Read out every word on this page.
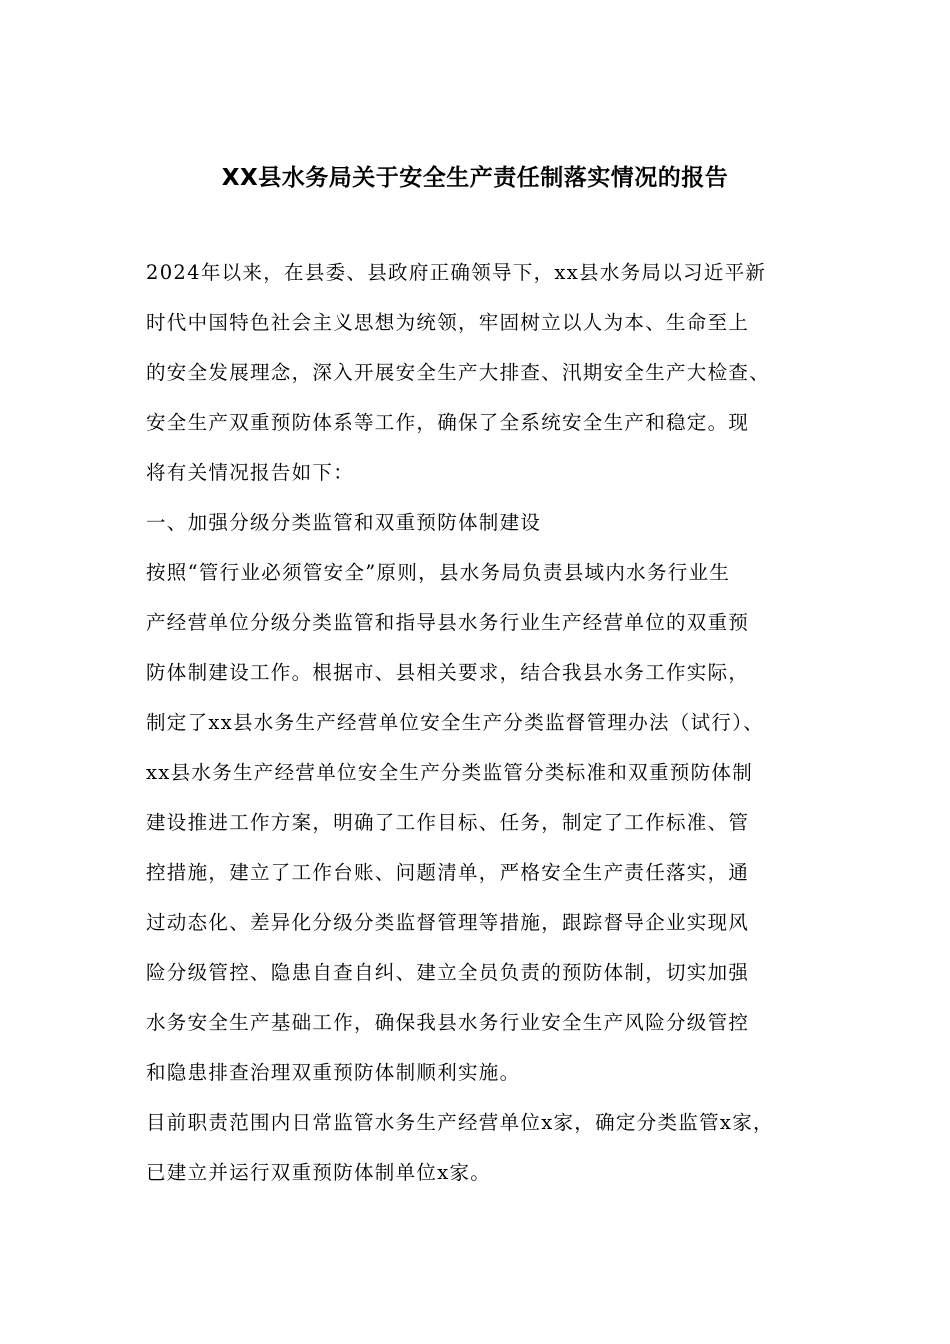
XX县水务局关于安全生产责任制落实情况的报告
2024年以来，在县委、县政府正确领导下，xx县水务局以习近平新
时代中国特色社会主义思想为统领，牢固树立以人为本、生命至上
的安全发展理念，深入开展安全生产大排查、汛期安全生产大检查、
安全生产双重预防体系等工作，确保了全系统安全生产和稳定。现
将有关情况报告如下：
一、加强分级分类监管和双重预防体制建设
按照“管行业必须管安全”原则，县水务局负责县域内水务行业生
产经营单位分级分类监管和指导县水务行业生产经营单位的双重预
防体制建设工作。根据市、县相关要求，结合我县水务工作实际，
制定了xx县水务生产经营单位安全生产分类监督管理办法（试行）、
xx县水务生产经营单位安全生产分类监管分类标准和双重预防体制
建设推进工作方案，明确了工作目标、任务，制定了工作标准、管
控措施，建立了工作台账、问题清单，严格安全生产责任落实，通
过动态化、差异化分级分类监督管理等措施，跟踪督导企业实现风
险分级管控、隐患自查自纠、建立全员负责的预防体制，切实加强
水务安全生产基础工作，确保我县水务行业安全生产风险分级管控
和隐患排查治理双重预防体制顺利实施。
目前职责范围内日常监管水务生产经营单位x家，确定分类监管x家，
已建立并运行双重预防体制单位x家。
